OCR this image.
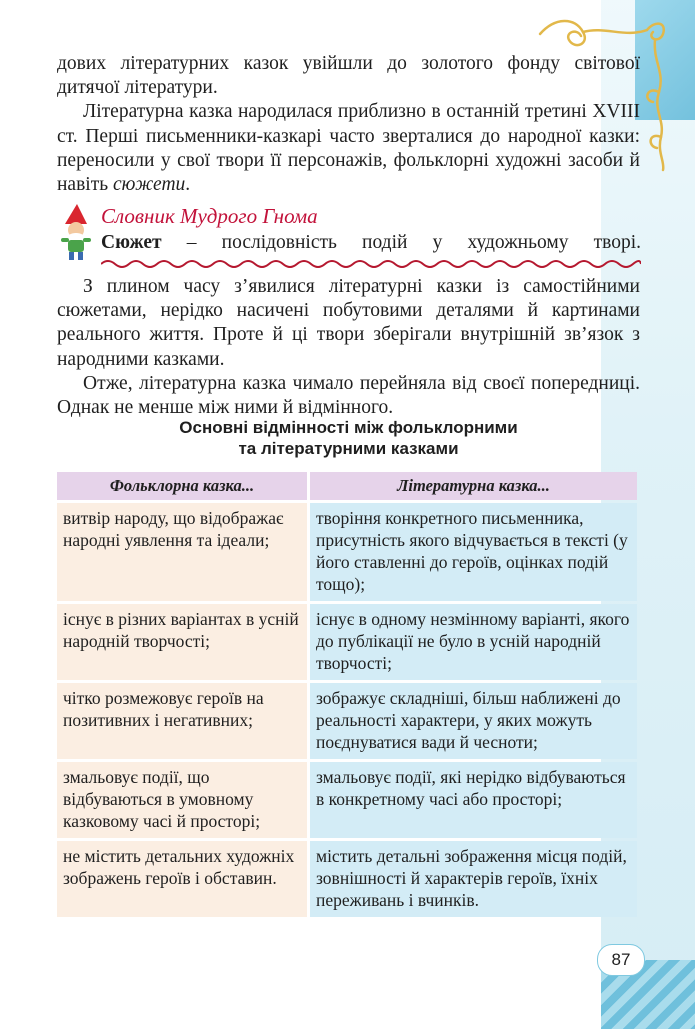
дових літературних казок увійшли до золотого фонду світової дитячої літератури.

Літературна казка народилася приблизно в останній третині XVIII ст. Перші письменники-казкарі часто зверталися до народної казки: переносили у свої твори її персонажів, фольклорні художні засоби й навіть сюжети.

Словник Мудрого Гнома
Сюжет – послідовність подій у художньому творі.

З плином часу з’явилися літературні казки із самостійними сюжетами, нерідко насичені побутовими деталями й картинами реального життя. Проте й ці твори зберігали внутрішній зв’язок з народними казками.

Отже, літературна казка чимало перейняла від своєї попередниці. Однак не менше між ними й відмінного.

Основні відмінності між фольклорними
та літературними казками
Фольклорна казка...	Літературна казка...
витвір народу, що відображає народні уявлення та ідеали;
творіння конкретного письменника, присутність якого відчувається в тексті (у його ставленні до героїв, оцінках подій тощо);
існує в різних варіантах в усній народній творчості;
існує в одному незмінному варіанті, якого до публікації не було в усній народній творчості;
чітко розмежовує героїв на позитивних і негативних;
зображує складніші, більш наближені до реальності характери, у яких можуть поєднуватися вади й чесноти;
змальовує події, що відбуваються в умовному казковому часі й просторі;
змальовує події, які нерідко відбуваються в конкретному часі або просторі;
не містить детальних художніх зображень героїв і обставин.
містить детальні зображення місця подій, зовнішності й характерів героїв, їхніх переживань і вчинків.
87
